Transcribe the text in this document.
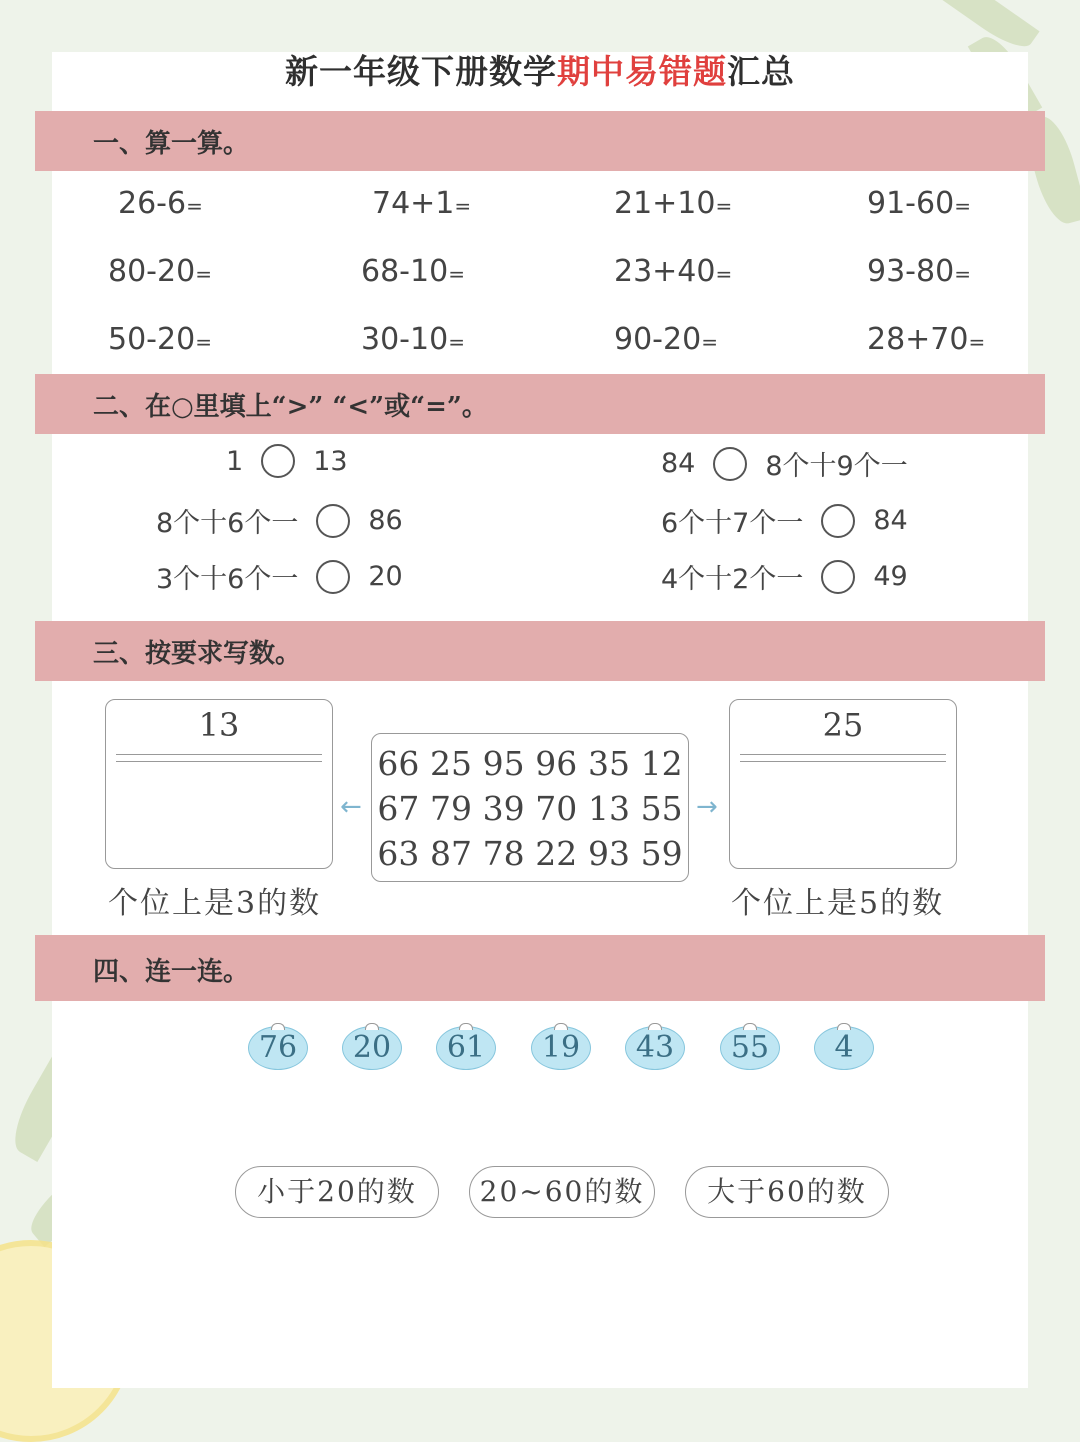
新一年级下册数学期中易错题汇总
一、算一算。
26-6=	74+1=	21+10=	91-60=
80-20=	68-10=	23+40=	93-80=
50-20=	30-10=	90-20=	28+70=
二、在○里填上“>” “<”或“=”。
1	13
8个十6个一	86
3个十6个一	20
84	8个十9个一
6个十7个一	84
4个十2个一	49
三、按要求写数。
13
个位上是3的数
25
个位上是5的数
←	→
66 25 95 96 35 12
67 79 39 70 13 55
63 87 78 22 93 59
四、连一连。
76	20	61	19	43	55	4
小于20的数	20~60的数	大于60的数
